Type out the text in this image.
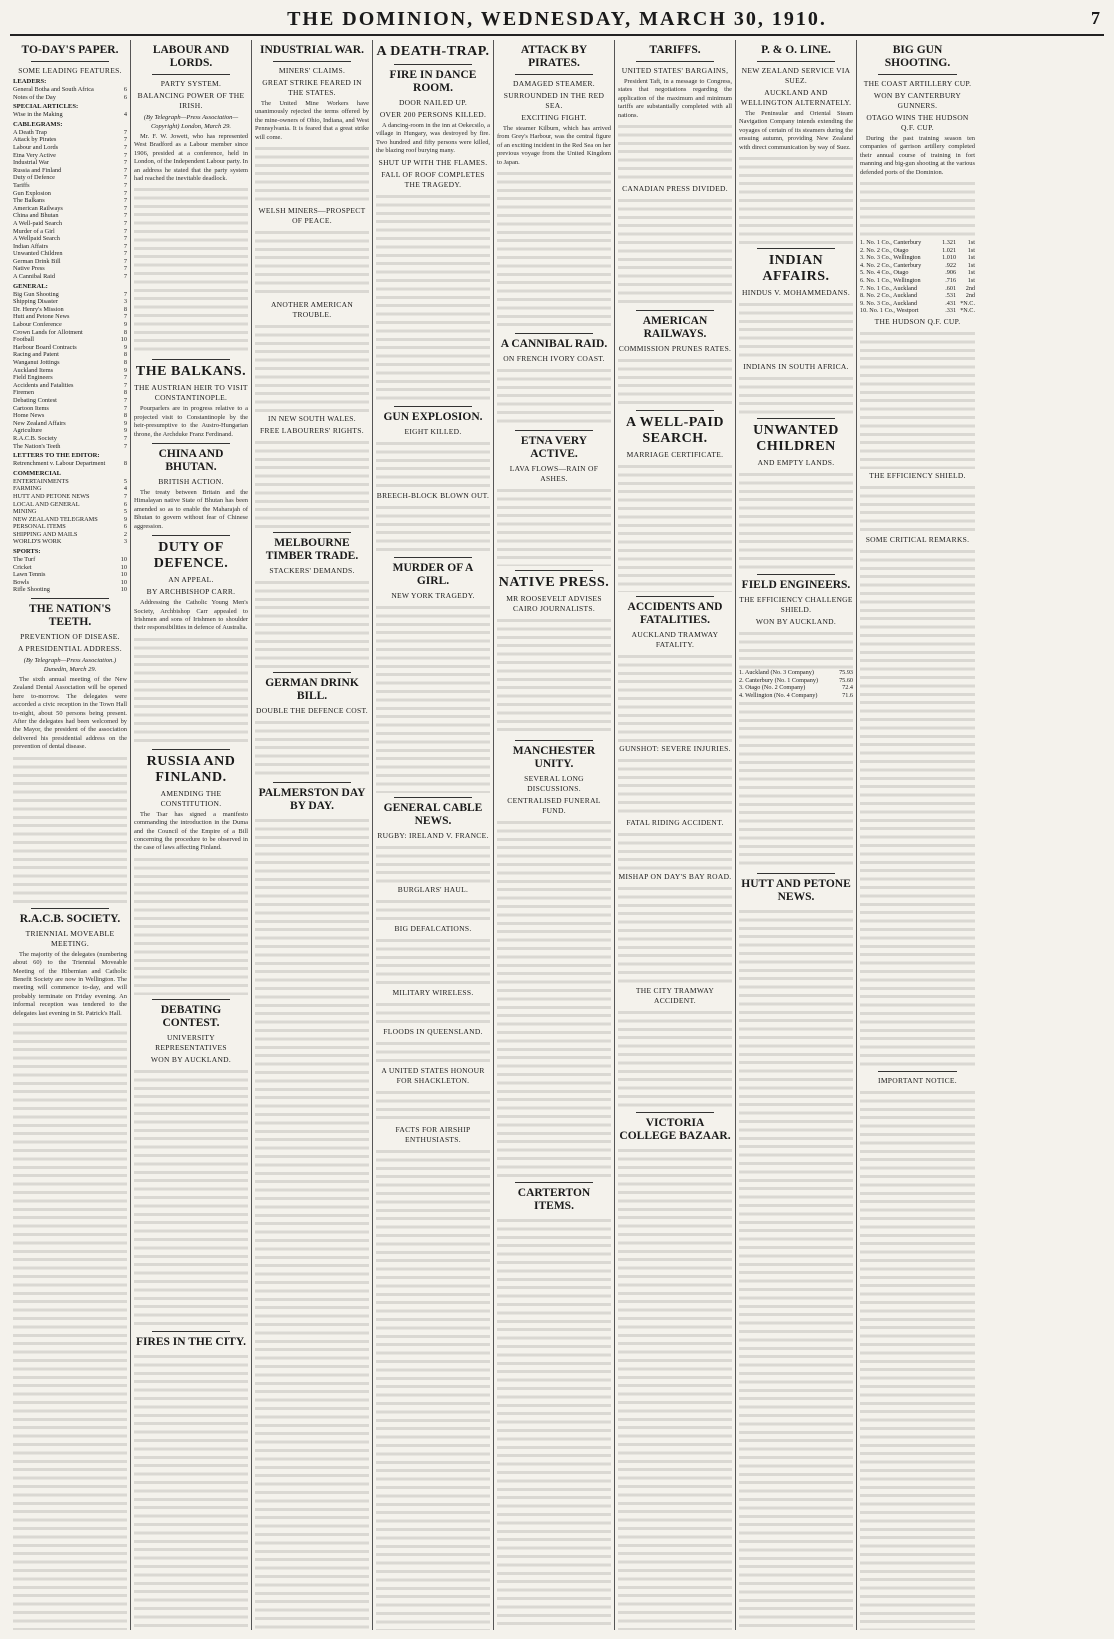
THE DOMINION, WEDNESDAY, MARCH 30, 1910.	7
TO-DAY'S PAPER.
SOME LEADING FEATURES.
LEADERS:
General Botha and South Africa	6
Notes of the Day	6
SPECIAL ARTICLES:
Wise in the Making	4
CABLEGRAMS:
A Death Trap	7
Attack by Pirates	7
Labour and Lords	7
Etna Very Active	7
Industrial War	7
Russia and Finland	7
Duty of Defence	7
Tariffs	7
Gun Explosion	7
The Balkans	7
American Railways	7
China and Bhutan	7
A Well-paid Search	7
Murder of a Girl	7
A Wellpaid Search	7
Indian Affairs	7
Unwanted Children	7
German Drink Bill	7
Native Press	7
A Cannibal Raid	7
GENERAL:
Big Gun Shooting	7
Shipping Disaster	3
Dr. Henry's Mission	8
Hutt and Petone News	7
Labour Conference	9
Crown Lands for Allotment	8
Football	10
Harbour Board Contracts	9
Racing and Patent	8
Wanganui Jottings	8
Auckland Items	9
Field Engineers	7
Accidents and Fatalities	7
Firemen	8
Debating Contest	7
Cartoon Items	7
Home News	8
New Zealand Affairs	9
Agriculture	9
R.A.C.B. Society	7
The Nation's Teeth	7
LETTERS TO THE EDITOR:
Retrenchment v. Labour Department	8
COMMERCIAL
ENTERTAINMENTS	5
FARMING	4
HUTT AND PETONE NEWS	7
LOCAL AND GENERAL	6
MINING	5
NEW ZEALAND TELEGRAMS	9
PERSONAL ITEMS	6
SHIPPING AND MAILS	2
WORLD'S WORK	3
SPORTS:
The Turf	10
Cricket	10
Lawn Tennis	10
Bowls	10
Rifle Shooting	10
THE NATION'S TEETH.
PREVENTION OF DISEASE.
A PRESIDENTIAL ADDRESS.
(By Telegraph—Press Association.) Dunedin, March 29.
The sixth annual meeting of the New Zealand Dental Association will be opened here to-morrow. The delegates were accorded a civic reception in the Town Hall to-night, about 50 persons being present. After the delegates had been welcomed by the Mayor, the president of the association delivered his presidential address on the prevention of dental disease.
R.A.C.B. SOCIETY.
TRIENNIAL MOVEABLE MEETING.
The majority of the delegates (numbering about 60) to the Triennial Moveable Meeting of the Hibernian and Catholic Benefit Society are now in Wellington. The meeting will commence to-day, and will probably terminate on Friday evening. An informal reception was tendered to the delegates last evening in St. Patrick's Hall.
LABOUR AND LORDS.
PARTY SYSTEM.
BALANCING POWER OF THE IRISH.
(By Telegraph—Press Association—Copyright) London, March 29.
Mr. F. W. Jowett, who has represented West Bradford as a Labour member since 1906, presided at a conference, held in London, of the Independent Labour party. In an address he stated that the party system had reached the inevitable deadlock.
THE BALKANS.
THE AUSTRIAN HEIR TO VISIT CONSTANTINOPLE.
Pourparlers are in progress relative to a projected visit to Constantinople by the heir-presumptive to the Austro-Hungarian throne, the Archduke Franz Ferdinand.
CHINA AND BHUTAN.
BRITISH ACTION.
The treaty between Britain and the Himalayan native State of Bhutan has been amended so as to enable the Maharajah of Bhutan to govern without fear of Chinese aggression.
DUTY OF DEFENCE.
AN APPEAL.
BY ARCHBISHOP CARR.
Addressing the Catholic Young Men's Society, Archbishop Carr appealed to Irishmen and sons of Irishmen to shoulder their responsibilities in defence of Australia.
RUSSIA AND FINLAND.
AMENDING THE CONSTITUTION.
The Tsar has signed a manifesto commanding the introduction in the Duma and the Council of the Empire of a Bill concerning the procedure to be observed in the case of laws affecting Finland.
DEBATING CONTEST.
UNIVERSITY REPRESENTATIVES
WON BY AUCKLAND.
FIRES IN THE CITY.
INDUSTRIAL WAR.
MINERS' CLAIMS.
GREAT STRIKE FEARED IN THE STATES.
The United Mine Workers have unanimously rejected the terms offered by the mine-owners of Ohio, Indiana, and West Pennsylvania. It is feared that a great strike will come.
WELSH MINERS—PROSPECT OF PEACE.
ANOTHER AMERICAN TROUBLE.
IN NEW SOUTH WALES.
FREE LABOURERS' RIGHTS.
MELBOURNE TIMBER TRADE.
STACKERS' DEMANDS.
GERMAN DRINK BILL.
DOUBLE THE DEFENCE COST.
PALMERSTON DAY BY DAY.
A DEATH-TRAP.
FIRE IN DANCE ROOM.
DOOR NAILED UP.
OVER 200 PERSONS KILLED.
A dancing-room in the inn at Oekecsilo, a village in Hungary, was destroyed by fire. Two hundred and fifty persons were killed, the blazing roof burying many.
SHUT UP WITH THE FLAMES.
FALL OF ROOF COMPLETES THE TRAGEDY.
GUN EXPLOSION.
EIGHT KILLED.
BREECH-BLOCK BLOWN OUT.
MURDER OF A GIRL.
NEW YORK TRAGEDY.
GENERAL CABLE NEWS.
RUGBY: IRELAND V. FRANCE.
BURGLARS' HAUL.
BIG DEFALCATIONS.
MILITARY WIRELESS.
FLOODS IN QUEENSLAND.
A UNITED STATES HONOUR FOR SHACKLETON.
FACTS FOR AIRSHIP ENTHUSIASTS.
ATTACK BY PIRATES.
DAMAGED STEAMER.
SURROUNDED IN THE RED SEA.
EXCITING FIGHT.
The steamer Kilburn, which has arrived from Grey's Harbour, was the central figure of an exciting incident in the Red Sea on her previous voyage from the United Kingdom to Japan.
A CANNIBAL RAID.
ON FRENCH IVORY COAST.
ETNA VERY ACTIVE.
LAVA FLOWS—RAIN OF ASHES.
NATIVE PRESS.
MR ROOSEVELT ADVISES CAIRO JOURNALISTS.
MANCHESTER UNITY.
SEVERAL LONG DISCUSSIONS.
CENTRALISED FUNERAL FUND.
CARTERTON ITEMS.
TARIFFS.
UNITED STATES' BARGAINS,
President Taft, in a message to Congress, states that negotiations regarding the application of the maximum and minimum tariffs are substantially completed with all nations.
CANADIAN PRESS DIVIDED.
AMERICAN RAILWAYS.
COMMISSION PRUNES RATES.
A WELL-PAID SEARCH.
MARRIAGE CERTIFICATE.
ACCIDENTS AND FATALITIES.
AUCKLAND TRAMWAY FATALITY.
GUNSHOT: SEVERE INJURIES.
FATAL RIDING ACCIDENT.
MISHAP ON DAY'S BAY ROAD.
THE CITY TRAMWAY ACCIDENT.
VICTORIA COLLEGE BAZAAR.
P. & O. LINE.
NEW ZEALAND SERVICE VIA SUEZ.
AUCKLAND AND WELLINGTON ALTERNATELY.
The Peninsular and Oriental Steam Navigation Company intends extending the voyages of certain of its steamers during the ensuing autumn, providing New Zealand with direct communication by way of Suez.
INDIAN AFFAIRS.
HINDUS V. MOHAMMEDANS.
INDIANS IN SOUTH AFRICA.
UNWANTED CHILDREN
AND EMPTY LANDS.
FIELD ENGINEERS.
THE EFFICIENCY CHALLENGE SHIELD.
WON BY AUCKLAND.
1. Auckland (No. 3 Company)	75.93
2. Canterbury (No. 1 Company)	75.60
3. Otago (No. 2 Company)	72.4
4. Wellington (No. 4 Company)	71.6
HUTT AND PETONE NEWS.
BIG GUN SHOOTING.
THE COAST ARTILLERY CUP.
WON BY CANTERBURY GUNNERS.
OTAGO WINS THE HUDSON Q.F. CUP.
During the past training season ten companies of garrison artillery completed their annual course of training in fort manning and big-gun shooting at the various defended ports of the Dominion.
1. No. 1 Co., Canterbury	1.321	1st
2. No. 2 Co., Otago	1.021	1st
3. No. 3 Co., Wellington	1.010	1st
4. No. 2 Co., Canterbury	.922	1st
5. No. 4 Co., Otago	.906	1st
6. No. 1 Co., Wellington	.716	1st
7. No. 1 Co., Auckland	.601	2nd
8. No. 2 Co., Auckland	.531	2nd
9. No. 3 Co., Auckland	.431	*N.C.
10. No. 1 Co., Westport	.331	*N.C.
THE HUDSON Q.F. CUP.
THE EFFICIENCY SHIELD.
SOME CRITICAL REMARKS.
IMPORTANT NOTICE.
